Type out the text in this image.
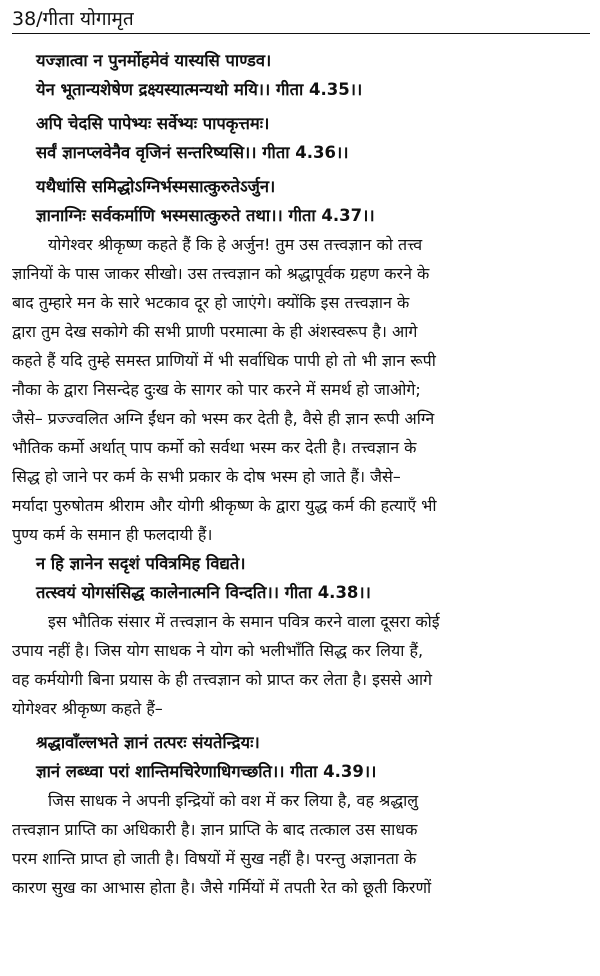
38/गीता योगामृत
यज्ज्ञात्वा न पुनर्मोहमेवं यास्यसि पाण्डव।
येन भूतान्यशेषेण द्रक्ष्यस्यात्मन्यथो मयि।। गीता 4.35।।
अपि चेदसि पापेभ्यः सर्वेभ्यः पापकृत्तमः।
सर्वं ज्ञानप्लवेनैव वृजिनं सन्तरिष्यसि।। गीता 4.36।।
यथैधांसि समिद्धोऽग्निर्भस्मसात्कुरुतेऽर्जुन।
ज्ञानाग्निः सर्वकर्माणि भस्मसात्कुरुते तथा।। गीता 4.37।।
योगेश्वर श्रीकृष्ण कहते हैं कि हे अर्जुन! तुम उस तत्त्वज्ञान को तत्त्व
ज्ञानियों के पास जाकर सीखो। उस तत्त्वज्ञान को श्रद्धापूर्वक ग्रहण करने के
बाद तुम्हारे मन के सारे भटकाव दूर हो जाएंगे। क्योंकि इस तत्त्वज्ञान के
द्वारा तुम देख सकोगे की सभी प्राणी परमात्मा के ही अंशस्वरूप है। आगे
कहते हैं यदि तुम्हे समस्त प्राणियों में भी सर्वाधिक पापी हो तो भी ज्ञान रूपी
नौका के द्वारा निसन्देह दुःख के सागर को पार करने में समर्थ हो जाओगे;
जैसे– प्रज्ज्वलित अग्नि ईंधन को भस्म कर देती है, वैसे ही ज्ञान रूपी अग्नि
भौतिक कर्मो अर्थात् पाप कर्मो को सर्वथा भस्म कर देती है। तत्त्वज्ञान के
सिद्ध हो जाने पर कर्म के सभी प्रकार के दोष भस्म हो जाते हैं। जैसे–
मर्यादा पुरुषोतम श्रीराम और योगी श्रीकृष्ण के द्वारा युद्ध कर्म की हत्याएँ भी
पुण्य कर्म के समान ही फलदायी हैं।
न हि ज्ञानेन सदृशं पवित्रमिह विद्यते।
तत्स्वयं योगसंसिद्ध कालेनात्मनि विन्दति।। गीता 4.38।।
इस भौतिक संसार में तत्त्वज्ञान के समान पवित्र करने वाला दूसरा कोई
उपाय नहीं है। जिस योग साधक ने योग को भलीभाँति सिद्ध कर लिया हैं,
वह कर्मयोगी बिना प्रयास के ही तत्त्वज्ञान को प्राप्त कर लेता है। इससे आगे
योगेश्वर श्रीकृष्ण कहते हैं–
श्रद्धावाँल्लभते ज्ञानं तत्परः संयतेन्द्रियः।
ज्ञानं लब्ध्वा परां शान्तिमचिरेणाधिगच्छति।। गीता 4.39।।
जिस साधक ने अपनी इन्द्रियों को वश में कर लिया है, वह श्रद्धालु
तत्त्वज्ञान प्राप्ति का अधिकारी है। ज्ञान प्राप्ति के बाद तत्काल उस साधक
परम शान्ति प्राप्त हो जाती है। विषयों में सुख नहीं है। परन्तु अज्ञानता के
कारण सुख का आभास होता है। जैसे गर्मियों में तपती रेत को छूती किरणों
